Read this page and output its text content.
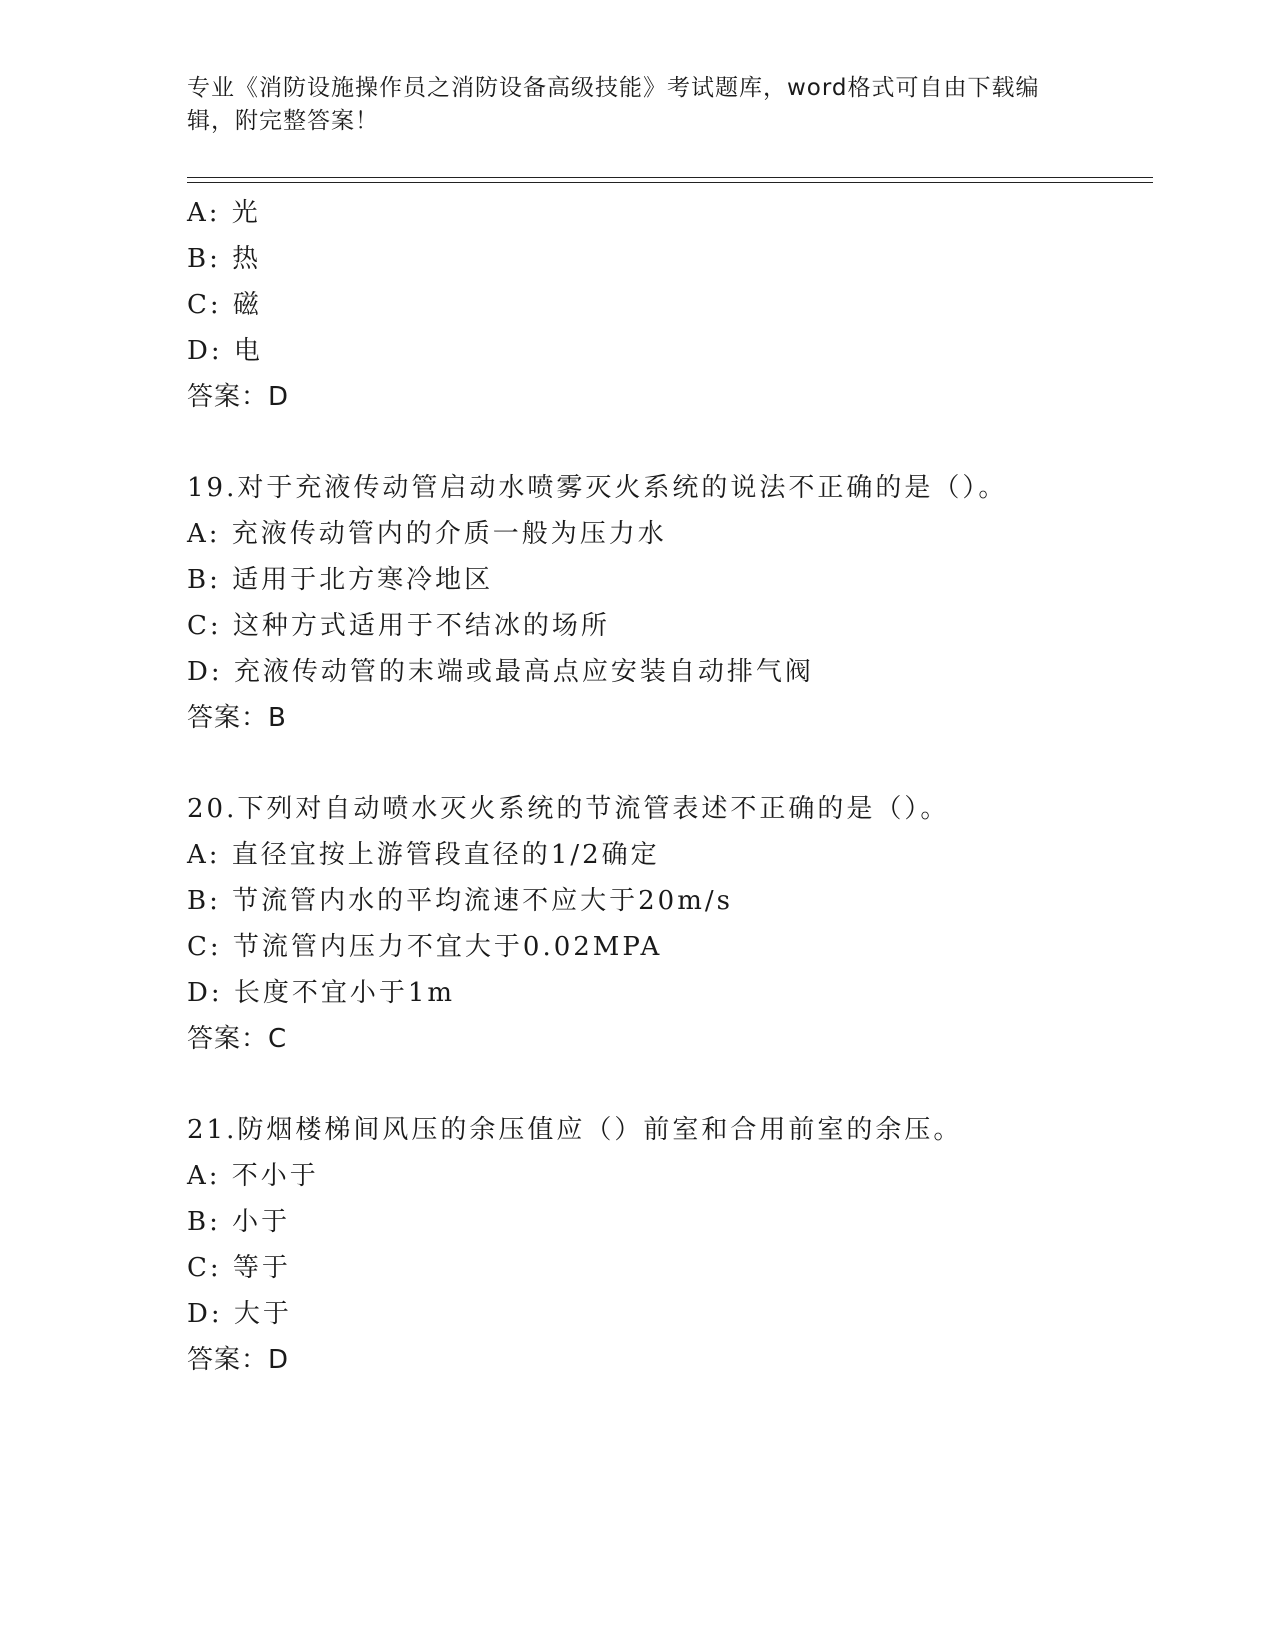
专业《消防设施操作员之消防设备高级技能》考试题库，word格式可自由下载编
辑，附完整答案！
A: 光
B: 热
C: 磁
D: 电
答案：D
19.对于充液传动管启动水喷雾灭火系统的说法不正确的是（）。
A: 充液传动管内的介质一般为压力水
B: 适用于北方寒冷地区
C: 这种方式适用于不结冰的场所
D: 充液传动管的末端或最高点应安装自动排气阀
答案：B
20.下列对自动喷水灭火系统的节流管表述不正确的是（）。
A: 直径宜按上游管段直径的1/2确定
B: 节流管内水的平均流速不应大于20m/s
C: 节流管内压力不宜大于0.02MPA
D: 长度不宜小于1m
答案：C
21.防烟楼梯间风压的余压值应（）前室和合用前室的余压。
A: 不小于
B: 小于
C: 等于
D: 大于
答案：D
